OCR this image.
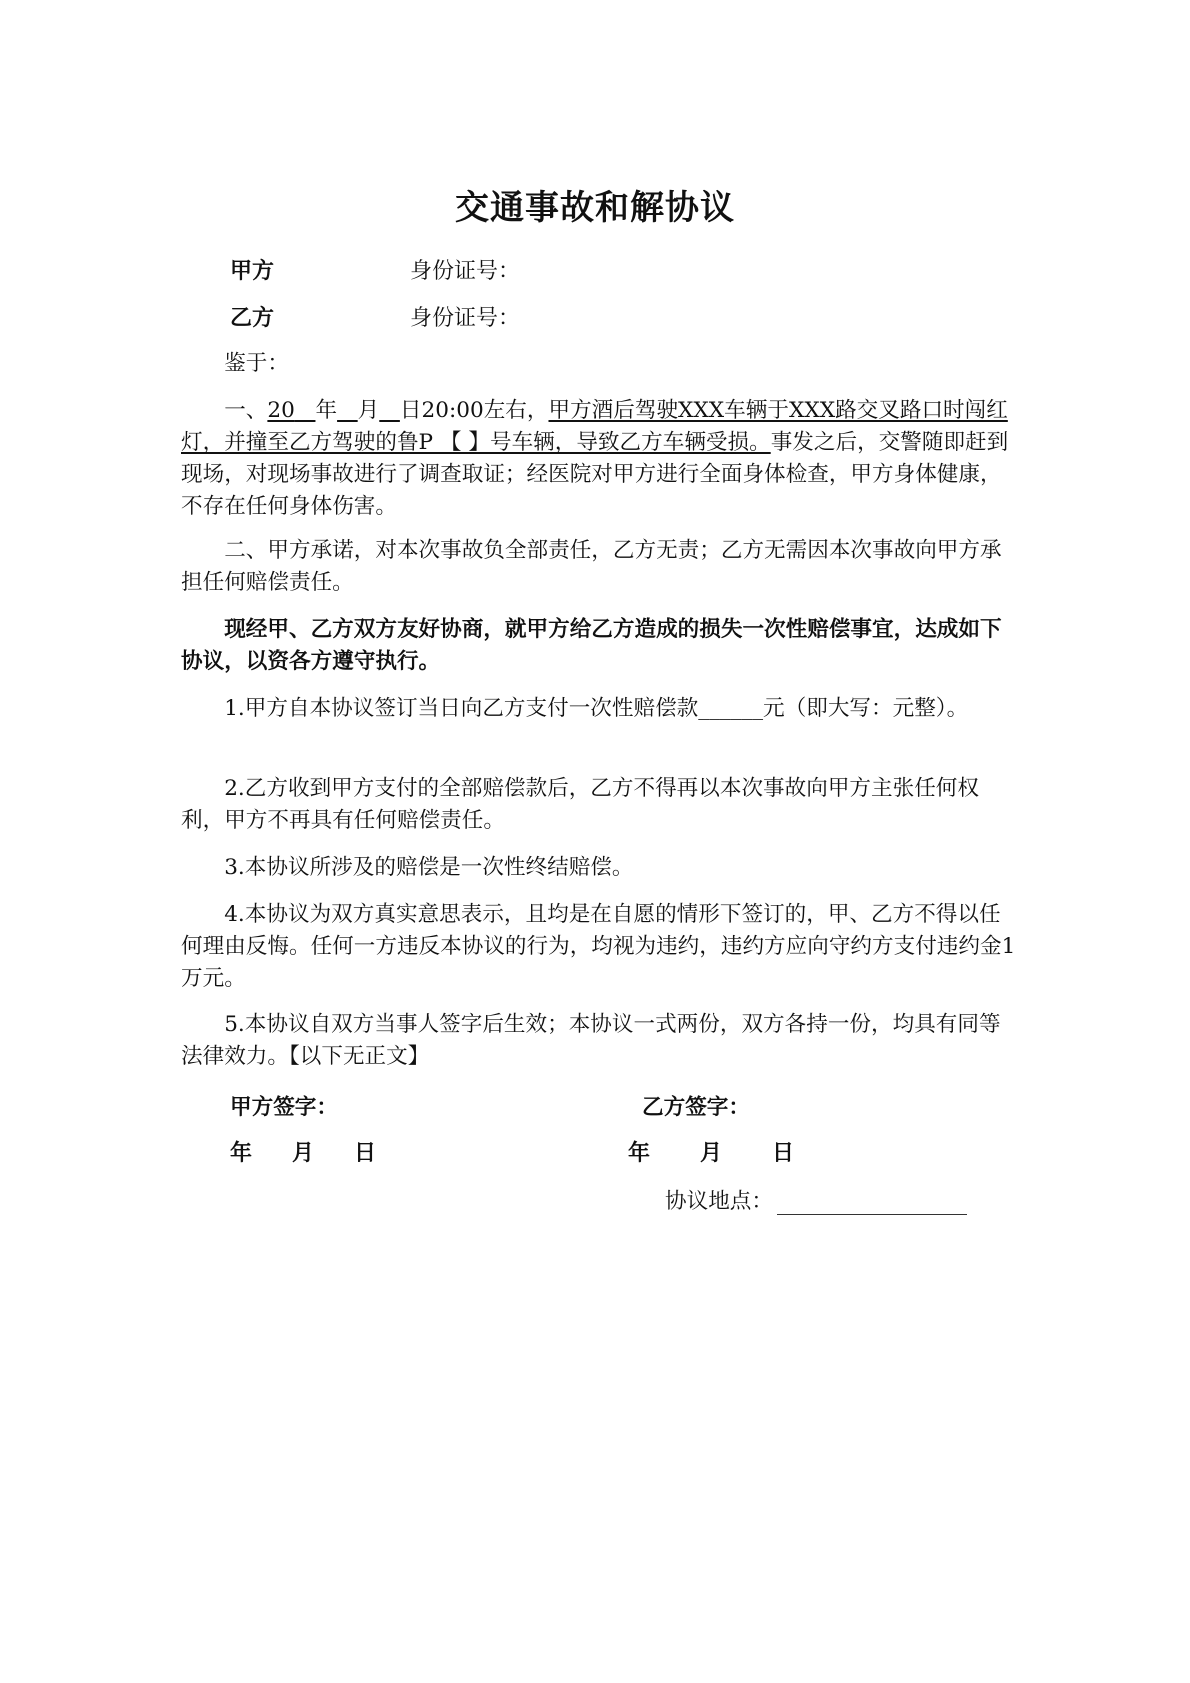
交通事故和解协议
甲方	身份证号：
乙方	身份证号：

鉴于：

一、20 年 月 日20:00左右，甲方酒后驾驶XXX车辆于XXX路交叉路口时闯红灯，并撞至乙方驾驶的鲁P 【 】号车辆，导致乙方车辆受损。事发之后，交警随即赶到现场，对现场事故进行了调查取证；经医院对甲方进行全面身体检查，甲方身体健康，不存在任何身体伤害。

二、甲方承诺，对本次事故负全部责任，乙方无责；乙方无需因本次事故向甲方承担任何赔偿责任。

现经甲、乙方双方友好协商，就甲方给乙方造成的损失一次性赔偿事宜，达成如下协议，以资各方遵守执行。

1.甲方自本协议签订当日向乙方支付一次性赔偿款______元（即大写：元整）。

2.乙方收到甲方支付的全部赔偿款后，乙方不得再以本次事故向甲方主张任何权利，甲方不再具有任何赔偿责任。

3.本协议所涉及的赔偿是一次性终结赔偿。

4.本协议为双方真实意思表示，且均是在自愿的情形下签订的，甲、乙方不得以任何理由反悔。任何一方违反本协议的行为，均视为违约，违约方应向守约方支付违约金1万元。

5.本协议自双方当事人签字后生效；本协议一式两份，双方各持一份，均具有同等法律效力。【以下无正文】

甲方签字：	乙方签字：
年 月 日	年 月 日
协议地点：
